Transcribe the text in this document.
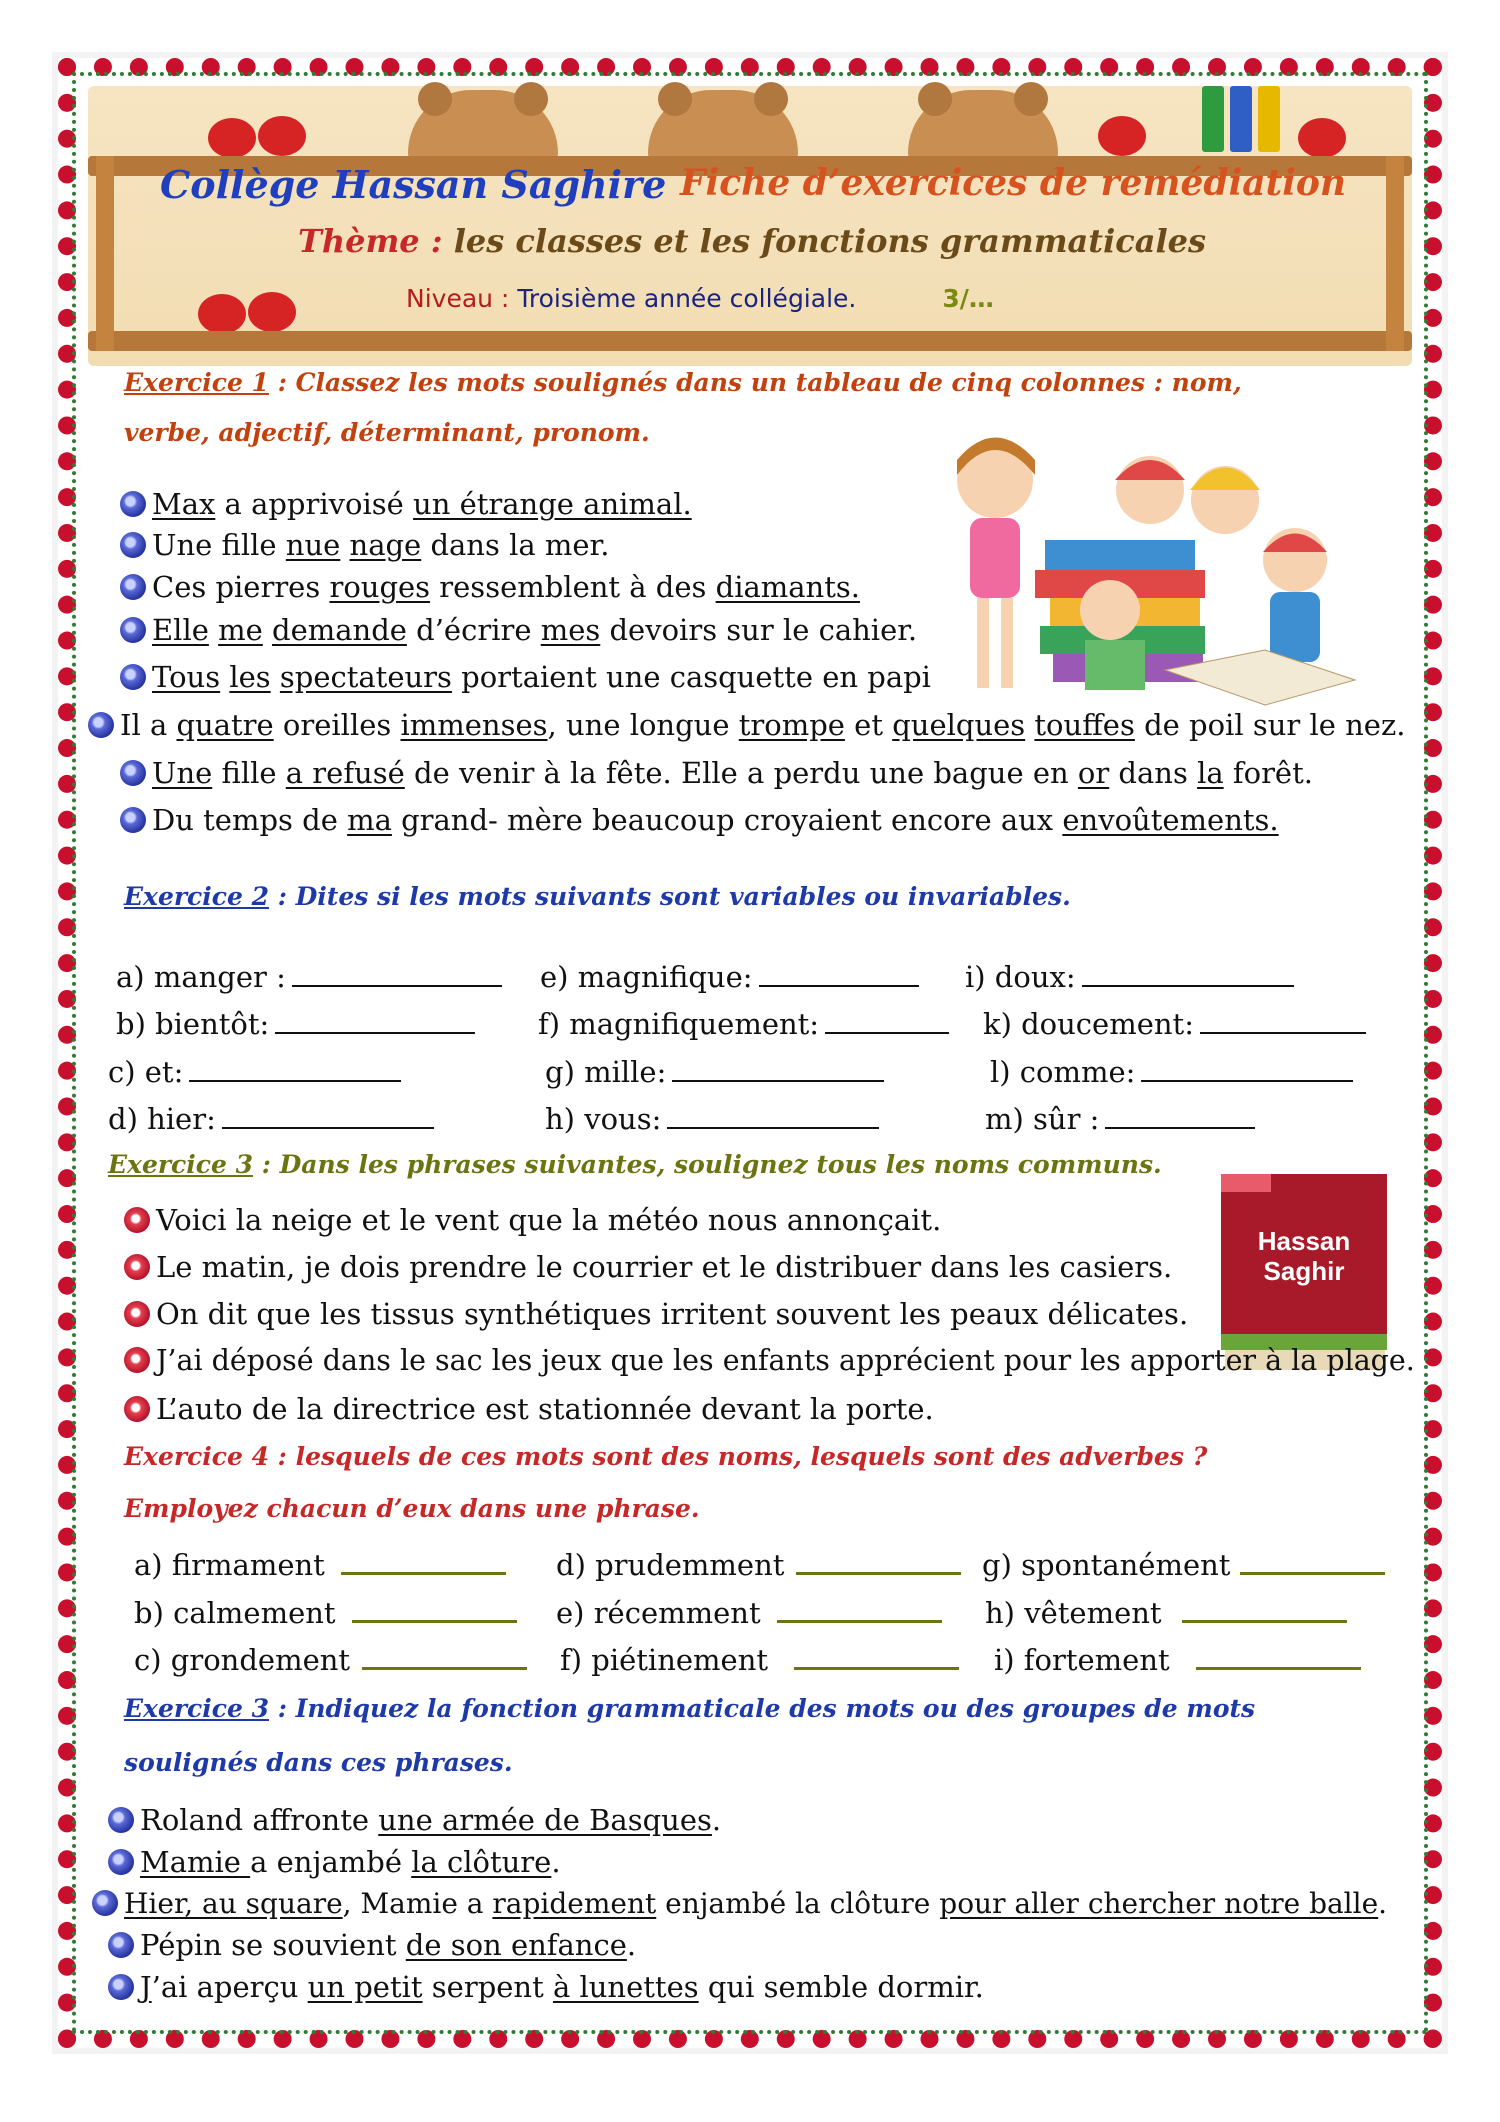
Collège Hassan Saghire Fiche d’exercices de remédiation
Thème : les classes et les fonctions grammaticales
Niveau : Troisième année collégiale.	3/…
Exercice 1 : Classez les mots soulignés dans un tableau de cinq colonnes : nom,
verbe, adjectif, déterminant, pronom.
Max a apprivoisé un étrange animal.
Une fille nue nage dans la mer.
Ces pierres rouges ressemblent à des diamants.
Elle me demande d’écrire mes devoirs sur le cahier.
Tous les spectateurs portaient une casquette en papi
Il a quatre oreilles immenses, une longue trompe et quelques touffes de poil sur le nez.
Une fille a refusé de venir à la fête. Elle a perdu une bague en or dans la forêt.
Du temps de ma grand- mère beaucoup croyaient encore aux envoûtements.
Exercice 2 : Dites si les mots suivants sont variables ou invariables.
a) manger :	e) magnifique:	i) doux:
b) bientôt:	f) magnifiquement:	k) doucement:
c) et:	g) mille:	l) comme:
d) hier:	h) vous:	m) sûr :
Exercice 3 : Dans les phrases suivantes, soulignez tous les noms communs.
Hassan
Saghir
Voici la neige et le vent que la météo nous annonçait.
Le matin, je dois prendre le courrier et le distribuer dans les casiers.
On dit que les tissus synthétiques irritent souvent les peaux délicates.
J’ai déposé dans le sac les jeux que les enfants apprécient pour les apporter à la plage.
L’auto de la directrice est stationnée devant la porte.
Exercice 4 : lesquels de ces mots sont des noms, lesquels sont des adverbes ?
Employez chacun d’eux dans une phrase.
a) firmament	d) prudemment	g) spontanément
b) calmement	e) récemment	h) vêtement
c) grondement	f) piétinement	i) fortement
Exercice 3 : Indiquez la fonction grammaticale des mots ou des groupes de mots
soulignés dans ces phrases.
Roland affronte une armée de Basques.
Mamie a enjambé la clôture.
Hier, au square, Mamie a rapidement enjambé la clôture pour aller chercher notre balle.
Pépin se souvient de son enfance.
J’ai aperçu un petit serpent à lunettes qui semble dormir.
